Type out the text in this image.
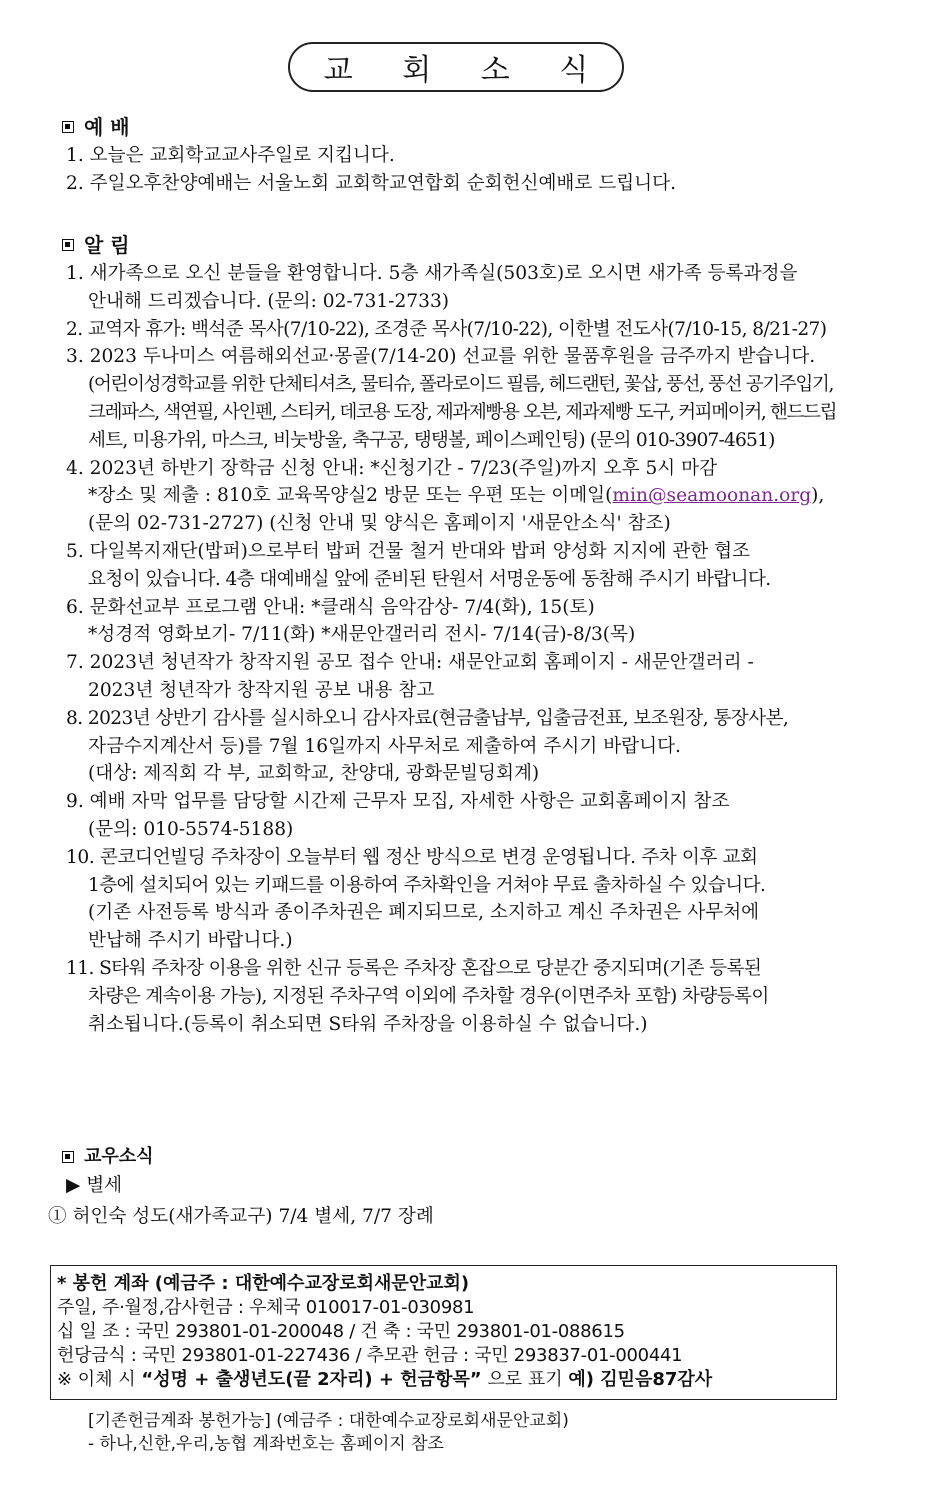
교 회 소 식
예 배
1. 오늘은 교회학교교사주일로 지킵니다.
2. 주일오후찬양예배는 서울노회 교회학교연합회 순회헌신예배로 드립니다.
알 림
1. 새가족으로 오신 분들을 환영합니다. 5층 새가족실(503호)로 오시면 새가족 등록과정을
안내해 드리겠습니다. (문의: 02-731-2733)
2. 교역자 휴가: 백석준 목사(7/10-22), 조경준 목사(7/10-22), 이한별 전도사(7/10-15, 8/21-27)
3. 2023 두나미스 여름해외선교·몽골(7/14-20) 선교를 위한 물품후원을 금주까지 받습니다.
(어린이성경학교를 위한 단체티셔츠, 물티슈, 폴라로이드 필름, 헤드랜턴, 꽃삽, 풍선, 풍선 공기주입기,
크레파스, 색연필, 사인펜, 스티커, 데코용 도장, 제과제빵용 오븐, 제과제빵 도구, 커피메이커, 핸드드립
세트, 미용가위, 마스크, 비눗방울, 축구공, 탱탱볼, 페이스페인팅) (문의 010-3907-4651)
4. 2023년 하반기 장학금 신청 안내: *신청기간 - 7/23(주일)까지 오후 5시 마감
*장소 및 제출 : 810호 교육목양실2 방문 또는 우편 또는 이메일(min@seamoonan.org),
(문의 02-731-2727) (신청 안내 및 양식은 홈페이지 '새문안소식' 참조)
5. 다일복지재단(밥퍼)으로부터 밥퍼 건물 철거 반대와 밥퍼 양성화 지지에 관한 협조
요청이 있습니다. 4층 대예배실 앞에 준비된 탄원서 서명운동에 동참해 주시기 바랍니다.
6. 문화선교부 프로그램 안내: *클래식 음악감상- 7/4(화), 15(토)
*성경적 영화보기- 7/11(화) *새문안갤러리 전시- 7/14(금)-8/3(목)
7. 2023년 청년작가 창작지원 공모 접수 안내: 새문안교회 홈페이지 - 새문안갤러리 -
2023년 청년작가 창작지원 공보 내용 참고
8. 2023년 상반기 감사를 실시하오니 감사자료(현금출납부, 입출금전표, 보조원장, 통장사본,
자금수지계산서 등)를 7월 16일까지 사무처로 제출하여 주시기 바랍니다.
(대상: 제직회 각 부, 교회학교, 찬양대, 광화문빌딩회계)
9. 예배 자막 업무를 담당할 시간제 근무자 모집, 자세한 사항은 교회홈페이지 참조
(문의: 010-5574-5188)
10. 콘코디언빌딩 주차장이 오늘부터 웹 정산 방식으로 변경 운영됩니다. 주차 이후 교회
1층에 설치되어 있는 키패드를 이용하여 주차확인을 거쳐야 무료 출차하실 수 있습니다.
(기존 사전등록 방식과 종이주차권은 폐지되므로, 소지하고 계신 주차권은 사무처에
반납해 주시기 바랍니다.)
11. S타워 주차장 이용을 위한 신규 등록은 주차장 혼잡으로 당분간 중지되며(기존 등록된
차량은 계속이용 가능), 지정된 주차구역 이외에 주차할 경우(이면주차 포함) 차량등록이
취소됩니다.(등록이 취소되면 S타워 주차장을 이용하실 수 없습니다.)
교우소식
▶ 별세
① 허인숙 성도(새가족교구) 7/4 별세, 7/7 장례
* 봉헌 계좌 (예금주 : 대한예수교장로회새문안교회)
주일, 주·월정,감사헌금 : 우체국 010017-01-030981
십 일 조 : 국민 293801-01-200048 / 건 축 : 국민 293801-01-088615
헌당금식 : 국민 293801-01-227436 / 추모관 헌금 : 국민 293837-01-000441
※ 이체 시 “성명 + 출생년도(끝 2자리) + 헌금항목” 으로 표기 예) 김믿음87감사
[기존헌금계좌 봉헌가능] (예금주 : 대한예수교장로회새문안교회)
- 하나,신한,우리,농협 계좌번호는 홈페이지 참조
